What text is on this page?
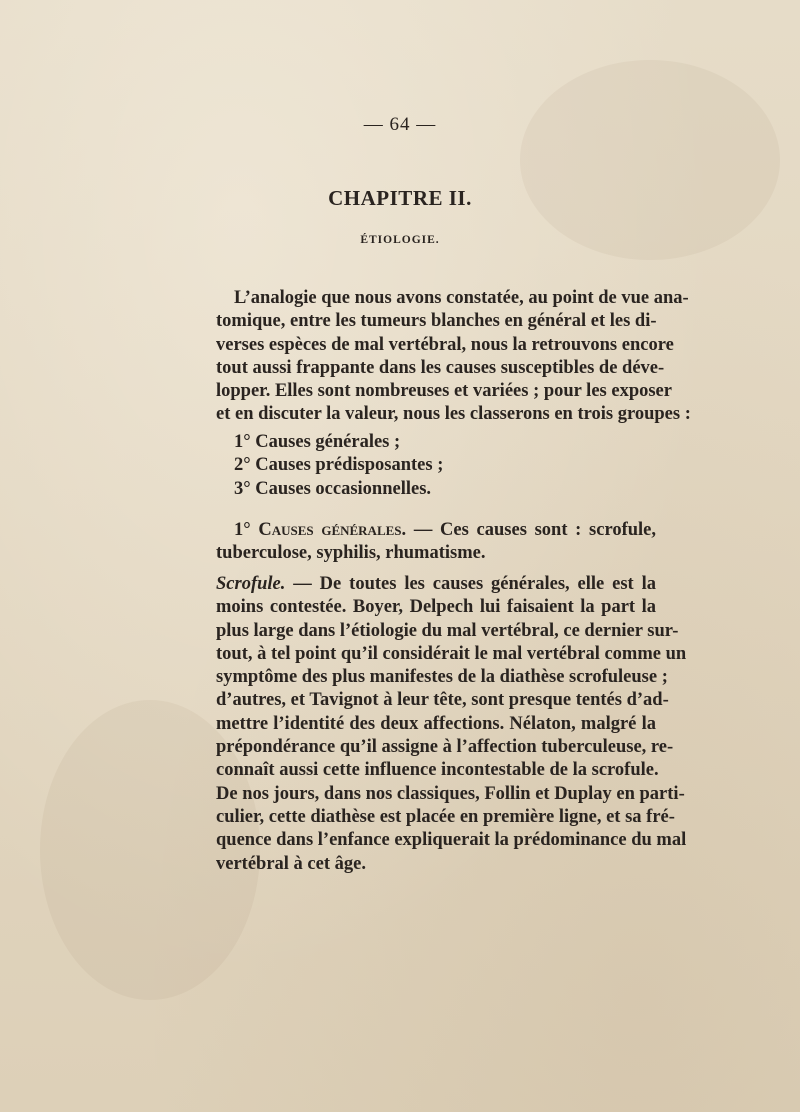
— 64 —
CHAPITRE II.
ÉTIOLOGIE.
L’analogie que nous avons constatée, au point de vue ana-
tomique, entre les tumeurs blanches en général et les di-
verses espèces de mal vertébral, nous la retrouvons encore
tout aussi frappante dans les causes susceptibles de déve-
lopper. Elles sont nombreuses et variées ; pour les exposer
et en discuter la valeur, nous les classerons en trois groupes :
1° Causes générales ;
2° Causes prédisposantes ;
3° Causes occasionnelles.
1° Causes générales. — Ces causes sont : scrofule,
tuberculose, syphilis, rhumatisme.
Scrofule. — De toutes les causes générales, elle est la
moins contestée. Boyer, Delpech lui faisaient la part la
plus large dans l’étiologie du mal vertébral, ce dernier sur-
tout, à tel point qu’il considérait le mal vertébral comme un
symptôme des plus manifestes de la diathèse scrofuleuse ;
d’autres, et Tavignot à leur tête, sont presque tentés d’ad-
mettre l’identité des deux affections. Nélaton, malgré la
prépondérance qu’il assigne à l’affection tuberculeuse, re-
connaît aussi cette influence incontestable de la scrofule.
De nos jours, dans nos classiques, Follin et Duplay en parti-
culier, cette diathèse est placée en première ligne, et sa fré-
quence dans l’enfance expliquerait la prédominance du mal
vertébral à cet âge.
